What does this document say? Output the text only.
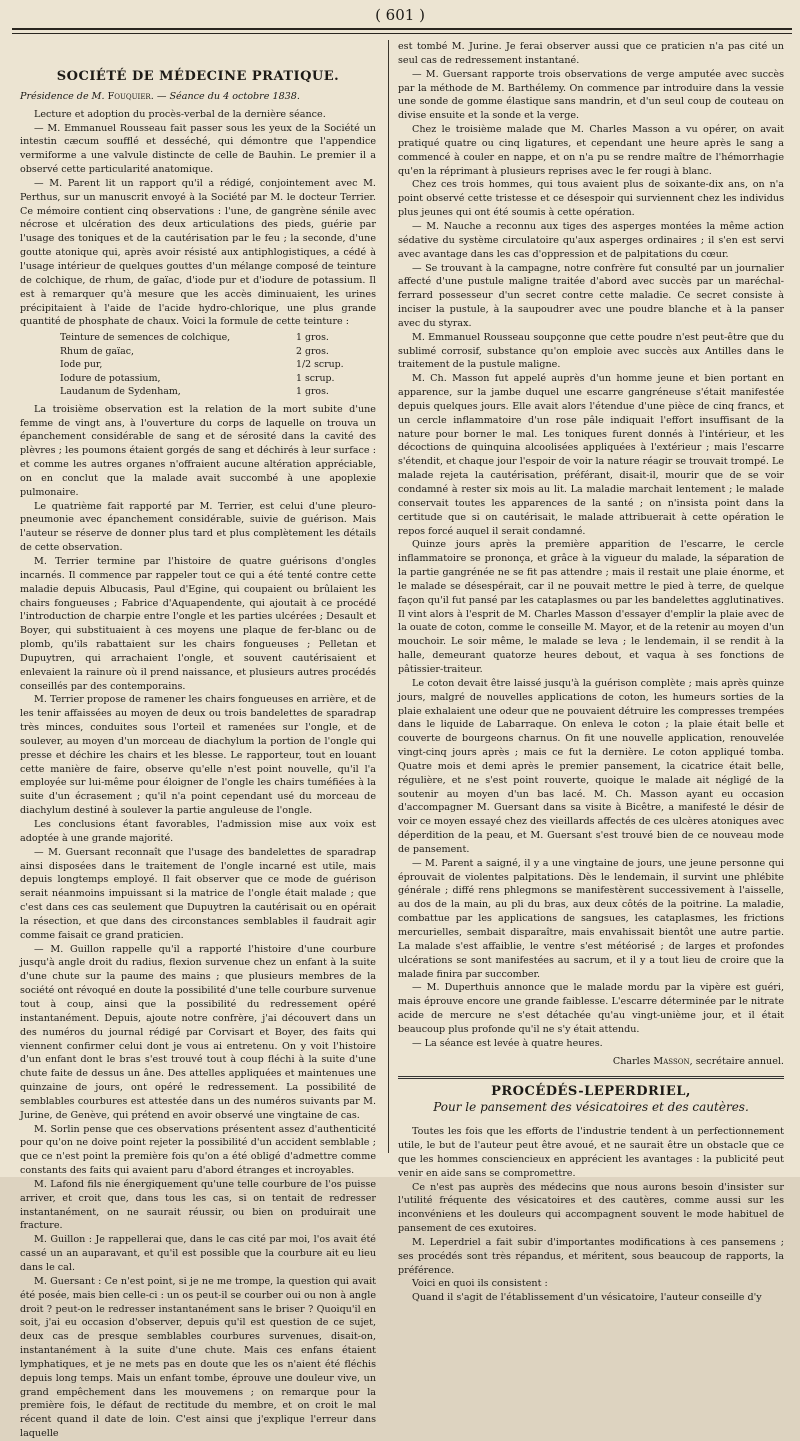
( 601 )
SOCIÉTÉ DE MÉDECINE PRATIQUE.
Présidence de M. Fouquier. — Séance du 4 octobre 1838.

Lecture et adoption du procès-verbal de la dernière séance.

— M. Emmanuel Rousseau fait passer sous les yeux de la Société un intestin cæcum soufflé et desséché, qui démontre que l'appendice vermiforme a une valvule distincte de celle de Bauhin. Le premier il a observé cette particularité anatomique.

— M. Parent lit un rapport qu'il a rédigé, conjointement avec M. Perthus, sur un manuscrit envoyé à la Société par M. le docteur Terrier. Ce mémoire contient cinq observations : l'une, de gangrène sénile avec nécrose et ulcération des deux articulations des pieds, guérie par l'usage des toniques et de la cautérisation par le feu ; la seconde, d'une goutte atonique qui, après avoir résisté aux antiphlogistiques, a cédé à l'usage intérieur de quelques gouttes d'un mélange composé de teinture de colchique, de rhum, de gaïac, d'iode pur et d'iodure de potassium. Il est à remarquer qu'à mesure que les accès diminuaient, les urines précipitaient à l'aide de l'acide hydro-chlorique, une plus grande quantité de phosphate de chaux. Voici la formule de cette teinture :

Teinture de semences de colchique,	1 gros.
Rhum de gaïac,	2 gros.
Iode pur,	1/2 scrup.
Iodure de potassium,	1 scrup.
Laudanum de Sydenham,	1 gros.

La troisième observation est la relation de la mort subite d'une femme de vingt ans, à l'ouverture du corps de laquelle on trouva un épanchement considérable de sang et de sérosité dans la cavité des plèvres ; les poumons étaient gorgés de sang et déchirés à leur surface : et comme les autres organes n'offraient aucune altération appréciable, on en conclut que la malade avait succombé à une apoplexie pulmonaire.

Le quatrième fait rapporté par M. Terrier, est celui d'une pleuro-pneumonie avec épanchement considérable, suivie de guérison. Mais l'auteur se réserve de donner plus tard et plus complètement les détails de cette observation.

M. Terrier termine par l'histoire de quatre guérisons d'ongles incarnés. Il commence par rappeler tout ce qui a été tenté contre cette maladie depuis Albucasis, Paul d'Egine, qui coupaient ou brûlaient les chairs fongueuses ; Fabrice d'Aquapendente, qui ajoutait à ce procédé l'introduction de charpie entre l'ongle et les parties ulcérées ; Desault et Boyer, qui substituaient à ces moyens une plaque de fer-blanc ou de plomb, qu'ils rabattaient sur les chairs fongueuses ; Pelletan et Dupuytren, qui arrachaient l'ongle, et souvent cautérisaient et enlevaient la rainure où il prend naissance, et plusieurs autres procédés conseillés par des contemporains.

M. Terrier propose de ramener les chairs fongueuses en arrière, et de les tenir affaissées au moyen de deux ou trois bandelettes de sparadrap très minces, conduites sous l'orteil et ramenées sur l'ongle, et de soulever, au moyen d'un morceau de diachylum la portion de l'ongle qui presse et déchire les chairs et les blesse. Le rapporteur, tout en louant cette manière de faire, observe qu'elle n'est point nouvelle, qu'il l'a employée sur lui-même pour éloigner de l'ongle les chairs tuméfiées à la suite d'un écrasement ; qu'il n'a point cependant usé du morceau de diachylum destiné à soulever la partie anguleuse de l'ongle.

Les conclusions étant favorables, l'admission mise aux voix est adoptée à une grande majorité.

— M. Guersant reconnaît que l'usage des bandelettes de sparadrap ainsi disposées dans le traitement de l'ongle incarné est utile, mais depuis longtemps employé. Il fait observer que ce mode de guérison serait néanmoins impuissant si la matrice de l'ongle était malade ; que c'est dans ces cas seulement que Dupuytren la cautérisait ou en opérait la résection, et que dans des circonstances semblables il faudrait agir comme faisait ce grand praticien.

— M. Guillon rappelle qu'il a rapporté l'histoire d'une courbure jusqu'à angle droit du radius, flexion survenue chez un enfant à la suite d'une chute sur la paume des mains ; que plusieurs membres de la société ont révoqué en doute la possibilité d'une telle courbure survenue tout à coup, ainsi que la possibilité du redressement opéré instantanément. Depuis, ajoute notre confrère, j'ai découvert dans un des numéros du journal rédigé par Corvisart et Boyer, des faits qui viennent confirmer celui dont je vous ai entretenu. On y voit l'histoire d'un enfant dont le bras s'est trouvé tout à coup fléchi à la suite d'une chute faite de dessus un âne. Des attelles appliquées et maintenues une quinzaine de jours, ont opéré le redressement. La possibilité de semblables courbures est attestée dans un des numéros suivants par M. Jurine, de Genève, qui prétend en avoir observé une vingtaine de cas.

M. Sorlin pense que ces observations présentent assez d'authenticité pour qu'on ne doive point rejeter la possibilité d'un accident semblable ; que ce n'est point la première fois qu'on a été obligé d'admettre comme constants des faits qui avaient paru d'abord étranges et incroyables.

M. Lafond fils nie énergiquement qu'une telle courbure de l'os puisse arriver, et croit que, dans tous les cas, si on tentait de redresser instantanément, on ne saurait réussir, ou bien on produirait une fracture.

M. Guillon : Je rappellerai que, dans le cas cité par moi, l'os avait été cassé un an auparavant, et qu'il est possible que la courbure ait eu lieu dans le cal.

M. Guersant : Ce n'est point, si je ne me trompe, la question qui avait été posée, mais bien celle-ci : un os peut-il se courber oui ou non à angle droit ? peut-on le redresser instantanément sans le briser ? Quoiqu'il en soit, j'ai eu occasion d'observer, depuis qu'il est question de ce sujet, deux cas de presque semblables courbures survenues, disait-on, instantanément à la suite d'une chute. Mais ces enfans étaient lymphatiques, et je ne mets pas en doute que les os n'aient été fléchis depuis long temps. Mais un enfant tombe, éprouve une douleur vive, un grand empêchement dans les mouvemens ; on remarque pour la première fois, le défaut de rectitude du membre, et on croit le mal récent quand il date de loin. C'est ainsi que j'explique l'erreur dans laquelle

est tombé M. Jurine. Je ferai observer aussi que ce praticien n'a pas cité un seul cas de redressement instantané.

— M. Guersant rapporte trois observations de verge amputée avec succès par la méthode de M. Barthélemy. On commence par introduire dans la vessie une sonde de gomme élastique sans mandrin, et d'un seul coup de couteau on divise ensuite et la sonde et la verge.

Chez le troisième malade que M. Charles Masson a vu opérer, on avait pratiqué quatre ou cinq ligatures, et cependant une heure après le sang a commencé à couler en nappe, et on n'a pu se rendre maître de l'hémorrhagie qu'en la réprimant à plusieurs reprises avec le fer rougi à blanc.

Chez ces trois hommes, qui tous avaient plus de soixante-dix ans, on n'a point observé cette tristesse et ce désespoir qui surviennent chez les individus plus jeunes qui ont été soumis à cette opération.

— M. Nauche a reconnu aux tiges des asperges montées la même action sédative du système circulatoire qu'aux asperges ordinaires ; il s'en est servi avec avantage dans les cas d'oppression et de palpitations du cœur.

— Se trouvant à la campagne, notre confrère fut consulté par un journalier affecté d'une pustule maligne traitée d'abord avec succès par un maréchal-ferrard possesseur d'un secret contre cette maladie. Ce secret consiste à inciser la pustule, à la saupoudrer avec une poudre blanche et à la panser avec du styrax.

M. Emmanuel Rousseau soupçonne que cette poudre n'est peut-être que du sublimé corrosif, substance qu'on emploie avec succès aux Antilles dans le traitement de la pustule maligne.

M. Ch. Masson fut appelé auprès d'un homme jeune et bien portant en apparence, sur la jambe duquel une escarre gangréneuse s'était manifestée depuis quelques jours. Elle avait alors l'étendue d'une pièce de cinq francs, et un cercle inflammatoire d'un rose pâle indiquait l'effort insuffisant de la nature pour borner le mal. Les toniques furent donnés à l'intérieur, et les décoctions de quinquina alcoolisées appliquées à l'extérieur ; mais l'escarre s'étendit, et chaque jour l'espoir de voir la nature réagir se trouvait trompé. Le malade rejeta la cautérisation, préférant, disait-il, mourir que de se voir condamné à rester six mois au lit. La maladie marchait lentement ; le malade conservait toutes les apparences de la santé ; on n'insista point dans la certitude que si on cautérisait, le malade attribuerait à cette opération le repos forcé auquel il serait condamné.

Quinze jours après la première apparition de l'escarre, le cercle inflammatoire se prononça, et grâce à la vigueur du malade, la séparation de la partie gangrénée ne se fit pas attendre ; mais il restait une plaie énorme, et le malade se désespérait, car il ne pouvait mettre le pied à terre, de quelque façon qu'il fut pansé par les cataplasmes ou par les bandelettes agglutinatives. Il vint alors à l'esprit de M. Charles Masson d'essayer d'emplir la plaie avec de la ouate de coton, comme le conseille M. Mayor, et de la retenir au moyen d'un mouchoir. Le soir même, le malade se leva ; le lendemain, il se rendit à la halle, demeurant quatorze heures debout, et vaqua à ses fonctions de pâtissier-traiteur.

Le coton devait être laissé jusqu'à la guérison complète ; mais après quinze jours, malgré de nouvelles applications de coton, les humeurs sorties de la plaie exhalaient une odeur que ne pouvaient détruire les compresses trempées dans le liquide de Labarraque. On enleva le coton ; la plaie était belle et couverte de bourgeons charnus. On fit une nouvelle application, renouvelée vingt-cinq jours après ; mais ce fut la dernière. Le coton appliqué tomba. Quatre mois et demi après le premier pansement, la cicatrice était belle, régulière, et ne s'est point rouverte, quoique le malade ait négligé de la soutenir au moyen d'un bas lacé. M. Ch. Masson ayant eu occasion d'accompagner M. Guersant dans sa visite à Bicêtre, a manifesté le désir de voir ce moyen essayé chez des vieillards affectés de ces ulcères atoniques avec déperdition de la peau, et M. Guersant s'est trouvé bien de ce nouveau mode de pansement.

— M. Parent a saigné, il y a une vingtaine de jours, une jeune personne qui éprouvait de violentes palpitations. Dès le lendemain, il survint une phlébite générale ; diffé rens phlegmons se manifestèrent successivement à l'aisselle, au dos de la main, au pli du bras, aux deux côtés de la poitrine. La maladie, combattue par les applications de sangsues, les cataplasmes, les frictions mercurielles, sembait disparaître, mais envahissait bientôt une autre partie. La malade s'est affaiblie, le ventre s'est météorisé ; de larges et profondes ulcérations se sont manifestées au sacrum, et il y a tout lieu de croire que la malade finira par succomber.

— M. Duperthuis annonce que le malade mordu par la vipère est guéri, mais éprouve encore une grande faiblesse. L'escarre déterminée par le nitrate acide de mercure ne s'est détachée qu'au vingt-unième jour, et il était beaucoup plus profonde qu'il ne s'y était attendu.

— La séance est levée à quatre heures.

Charles Masson, secrétaire annuel.
PROCÉDÉS-LEPERDRIEL,
Pour le pansement des vésicatoires et des cautères.

Toutes les fois que les efforts de l'industrie tendent à un perfectionnement utile, le but de l'auteur peut être avoué, et ne saurait être un obstacle que ce que les hommes consciencieux en apprécient les avantages : la publicité peut venir en aide sans se compromettre.

Ce n'est pas auprès des médecins que nous aurons besoin d'insister sur l'utilité fréquente des vésicatoires et des cautères, comme aussi sur les inconvéniens et les douleurs qui accompagnent souvent le mode habituel de pansement de ces exutoires.

M. Leperdriel a fait subir d'importantes modifications à ces pansemens ; ses procédés sont très répandus, et méritent, sous beaucoup de rapports, la préférence.

Voici en quoi ils consistent :

Quand il s'agit de l'établissement d'un vésicatoire, l'auteur conseille d'y
